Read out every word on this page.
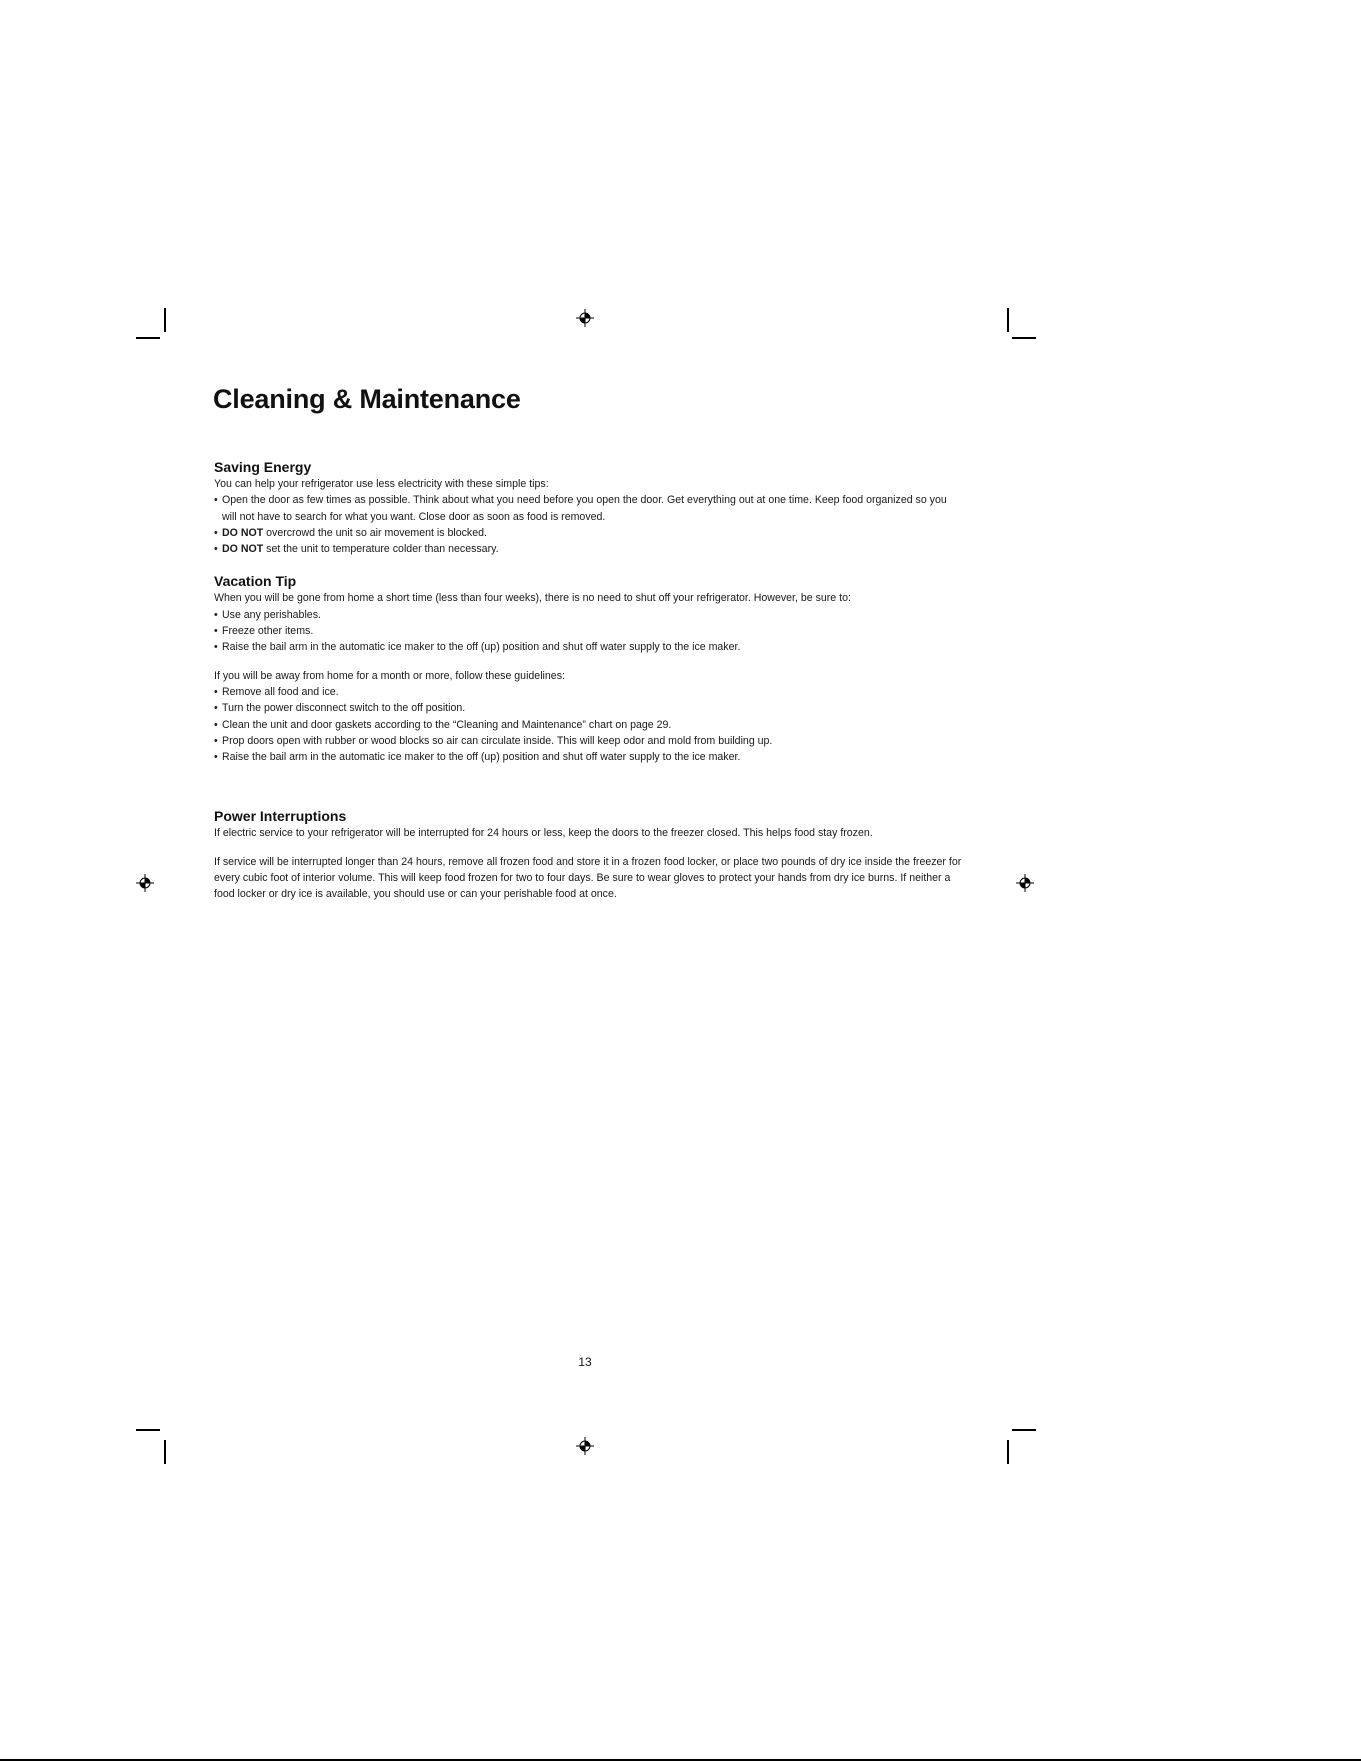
Cleaning & Maintenance
Saving Energy

You can help your refrigerator use less electricity with these simple tips:

• Open the door as few times as possible. Think about what you need before you open the door. Get everything out at one time. Keep food organized so you will not have to search for what you want. Close door as soon as food is removed.
• DO NOT overcrowd the unit so air movement is blocked.
• DO NOT set the unit to temperature colder than necessary.
Vacation Tip

When you will be gone from home a short time (less than four weeks), there is no need to shut off your refrigerator. However, be sure to:

• Use any perishables.
• Freeze other items.
• Raise the bail arm in the automatic ice maker to the off (up) position and shut off water supply to the ice maker.

If you will be away from home for a month or more, follow these guidelines:

• Remove all food and ice.
• Turn the power disconnect switch to the off position.
• Clean the unit and door gaskets according to the “Cleaning and Maintenance” chart on page 29.
• Prop doors open with rubber or wood blocks so air can circulate inside. This will keep odor and mold from building up.
• Raise the bail arm in the automatic ice maker to the off (up) position and shut off water supply to the ice maker.
Power Interruptions

If electric service to your refrigerator will be interrupted for 24 hours or less, keep the doors to the freezer closed. This helps food stay frozen.

If service will be interrupted longer than 24 hours, remove all frozen food and store it in a frozen food locker, or place two pounds of dry ice inside the freezer for every cubic foot of interior volume. This will keep food frozen for two to four days. Be sure to wear gloves to protect your hands from dry ice burns. If neither a food locker or dry ice is available, you should use or can your perishable food at once.

13
